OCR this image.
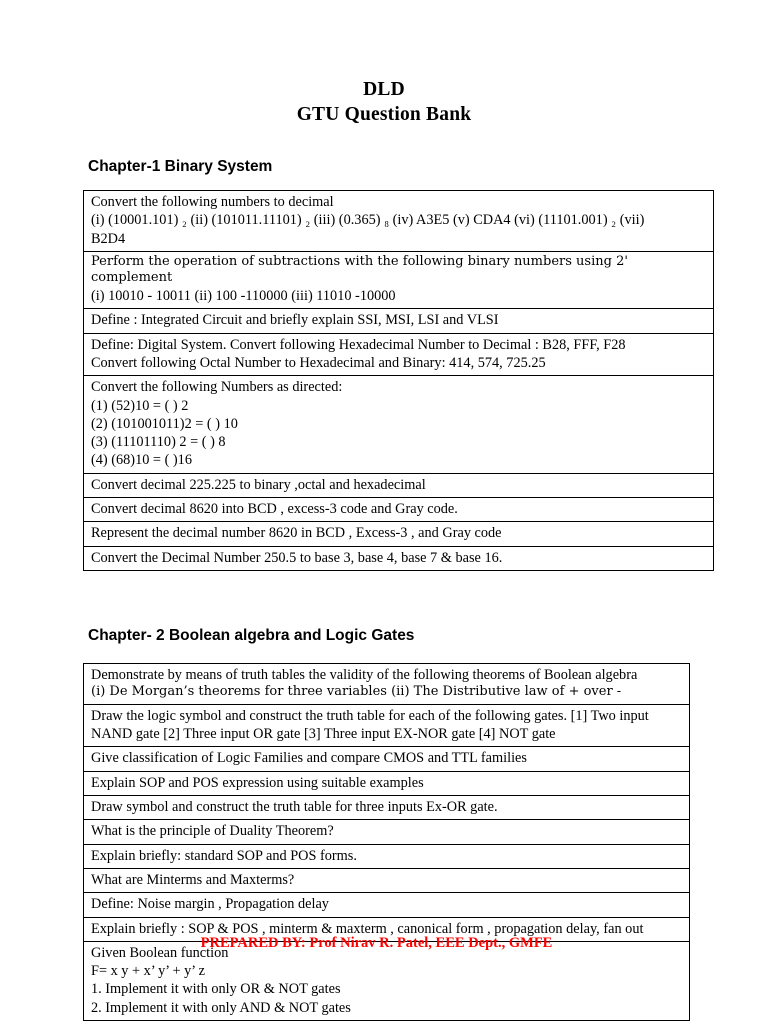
DLD
GTU Question Bank
Chapter-1 Binary System
Convert the following numbers to decimal
(i) (10001.101) ₂ (ii) (101011.11101) ₂ (iii) (0.365) ₈ (iv) A3E5 (v) CDA4 (vi) (11101.001) ₂ (vii)
B2D4

Perform the operation of subtractions with the following binary numbers using 2' complement
(i) 10010 - 10011 (ii) 100 -110000 (iii) 11010 -10000

Define : Integrated Circuit and briefly explain SSI, MSI, LSI and VLSI

Define: Digital System. Convert following Hexadecimal Number to Decimal : B28, FFF, F28
Convert following Octal Number to Hexadecimal and Binary: 414, 574, 725.25

Convert the following Numbers as directed:
(1) (52)10 = ( ) 2
(2) (101001011)2 = ( ) 10
(3) (11101110) 2 = ( ) 8
(4) (68)10 = ( )16

Convert decimal 225.225 to binary ,octal and hexadecimal

Convert decimal 8620 into BCD , excess-3 code and Gray code.

Represent the decimal number 8620 in BCD , Excess-3 , and Gray code

Convert the Decimal Number 250.5 to base 3, base 4, base 7 & base 16.
Chapter- 2 Boolean algebra and Logic Gates
Demonstrate by means of truth tables the validity of the following theorems of Boolean algebra
(i) De Morgan’s theorems for three variables (ii) The Distributive law of + over -

Draw the logic symbol and construct the truth table for each of the following gates. [1] Two input
NAND gate [2] Three input OR gate [3] Three input EX-NOR gate [4] NOT gate

Give classification of Logic Families and compare CMOS and TTL families

Explain SOP and POS expression using suitable examples

Draw symbol and construct the truth table for three inputs Ex-OR gate.

What is the principle of Duality Theorem?

Explain briefly: standard SOP and POS forms.

What are Minterms and Maxterms?

Define: Noise margin , Propagation delay

Explain briefly : SOP & POS , minterm & maxterm , canonical form , propagation delay, fan out

Given Boolean function
F= x y + x’ y’ + y’ z
1. Implement it with only OR & NOT gates
2. Implement it with only AND & NOT gates
PREPARED BY: Prof Nirav R. Patel, EEE Dept., GMFE
